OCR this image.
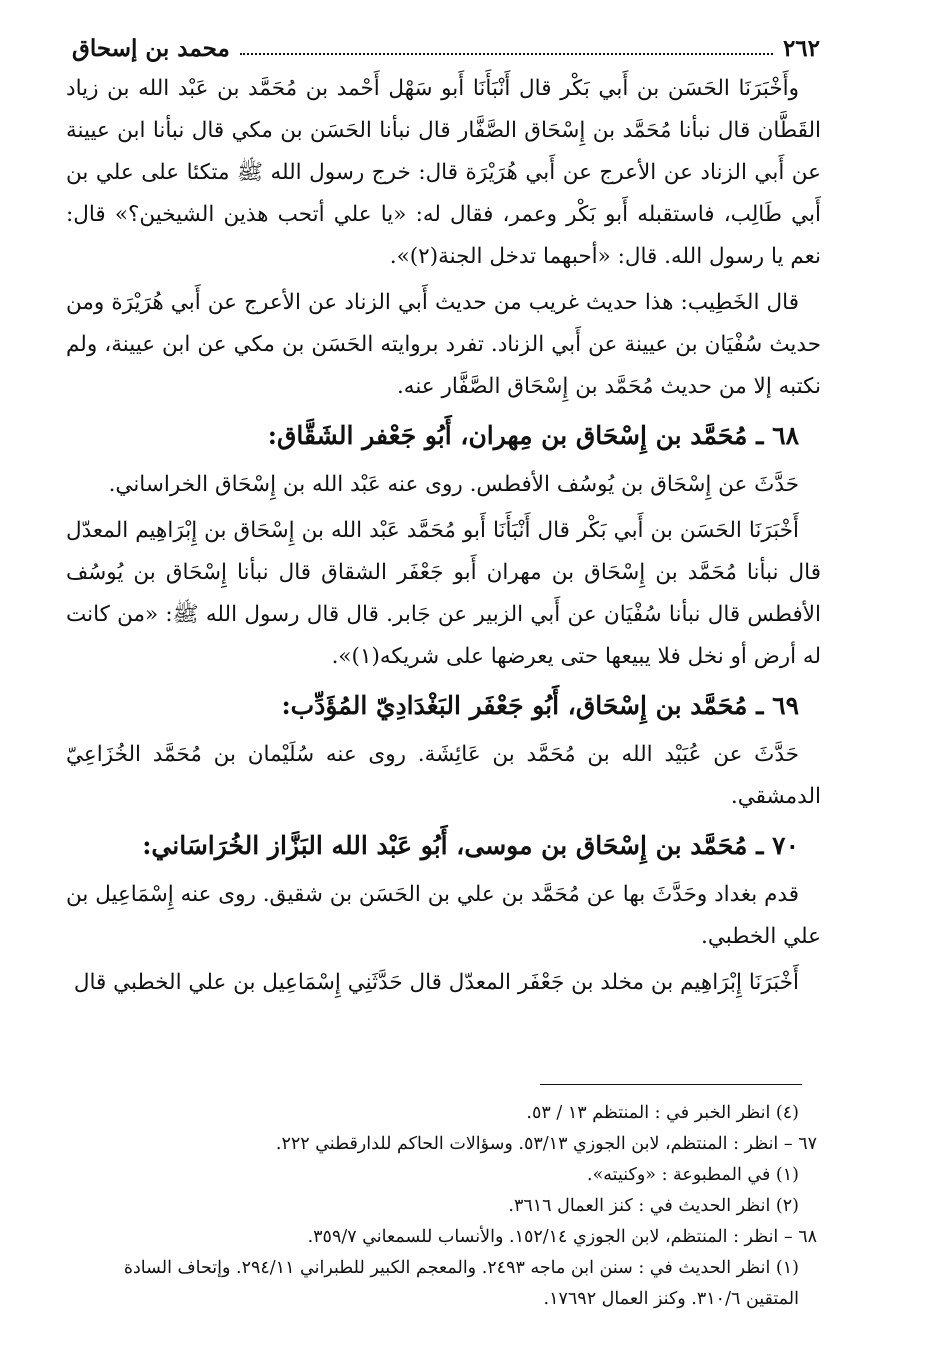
٢٦٢
محمد بن إسحاق

وأَخْبَرَنَا الحَسَن بن أَبي بَكْر قال أَنْبَأَنَا أَبو سَهْل أَحْمد بن مُحَمَّد بن عَبْد الله بن زياد القَطَّان قال نبأنا مُحَمَّد بن إِسْحَاق الصَّفَّار قال نبأنا الحَسَن بن مكي قال نبأنا ابن عيينة عن أَبي الزناد عن الأعرج عن أَبي هُرَيْرَة قال: خرج رسول الله ﷺ متكئا على علي بن أَبي طَالِب، فاستقبله أَبو بَكْر وعمر، فقال له: «يا علي أتحب هذين الشيخين؟» قال: نعم يا رسول الله. قال: «أحبهما تدخل الجنة(٢)».

قال الخَطِيب: هذا حديث غريب من حديث أَبي الزناد عن الأعرج عن أَبي هُرَيْرَة ومن حديث سُفْيَان بن عيينة عن أَبي الزناد. تفرد بروايته الحَسَن بن مكي عن ابن عيينة، ولم نكتبه إلا من حديث مُحَمَّد بن إِسْحَاق الصَّفَّار عنه.

٦٨ ـ مُحَمَّد بن إِسْحَاق بن مِهران، أَبُو جَعْفر الشَقَّاق:

حَدَّثَ عن إِسْحَاق بن يُوسُف الأفطس. روى عنه عَبْد الله بن إِسْحَاق الخراساني.

أَخْبَرَنَا الحَسَن بن أَبي بَكْر قال أَنْبَأَنَا أَبو مُحَمَّد عَبْد الله بن إِسْحَاق بن إِبْرَاهِيم المعدّل قال نبأنا مُحَمَّد بن إِسْحَاق بن مهران أَبو جَعْفَر الشقاق قال نبأنا إِسْحَاق بن يُوسُف الأفطس قال نبأنا سُفْيَان عن أَبي الزبير عن جَابر. قال قال رسول الله ﷺ: «من كانت له أرض أو نخل فلا يبيعها حتى يعرضها على شريكه(١)».

٦٩ ـ مُحَمَّد بن إِسْحَاق، أَبُو جَعْفَر البَغْدَادِيّ المُؤَدِّب:

حَدَّثَ عن عُبَيْد الله بن مُحَمَّد بن عَائِشَة. روى عنه سُلَيْمان بن مُحَمَّد الخُزَاعِيّ الدمشقي.

٧٠ ـ مُحَمَّد بن إِسْحَاق بن موسى، أَبُو عَبْد الله البَزَّاز الخُرَاسَاني:

قدم بغداد وحَدَّثَ بها عن مُحَمَّد بن علي بن الحَسَن بن شقيق. روى عنه إِسْمَاعِيل بن علي الخطبي.

أَخْبَرَنَا إِبْرَاهِيم بن مخلد بن جَعْفَر المعدّل قال حَدَّثَنِي إِسْمَاعِيل بن علي الخطبي قال

(٤) انظر الخبر في : المنتظم ١٣ / ٥٣.

٦٧ – انظر : المنتظم، لابن الجوزي ٥٣/١٣. وسؤالات الحاكم للدارقطني ٢٢٢.

(١) في المطبوعة : «وكنيته».

(٢) انظر الحديث في : كنز العمال ٣٦١٦.

٦٨ – انظر : المنتظم، لابن الجوزي ١٥٢/١٤. والأنساب للسمعاني ٣٥٩/٧.

(١) انظر الحديث في : سنن ابن ماجه ٢٤٩٣. والمعجم الكبير للطبراني ٢٩٤/١١. وإتحاف السادة المتقين ٣١٠/٦. وكنز العمال ١٧٦٩٢.
